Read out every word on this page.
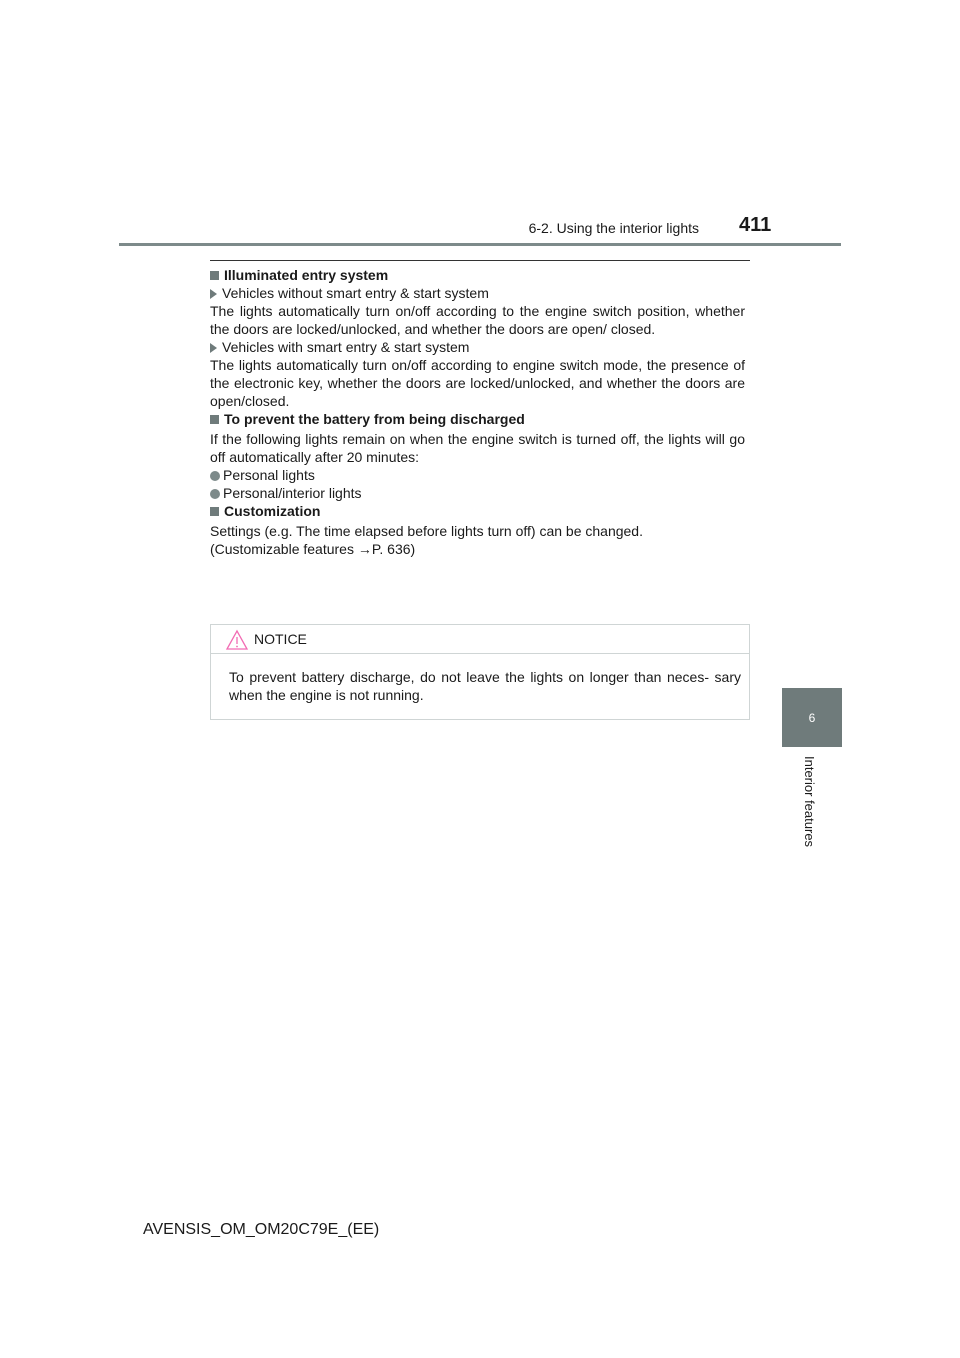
6-2. Using the interior lights 411
6
Interior features

Illuminated entry system

Vehicles without smart entry & start system

The lights automatically turn on/off according to the engine switch position, whether the doors are locked/unlocked, and whether the doors are open/ closed.

Vehicles with smart entry & start system

The lights automatically turn on/off according to engine switch mode, the presence of the electronic key, whether the doors are locked/unlocked, and whether the doors are open/closed.

To prevent the battery from being discharged

If the following lights remain on when the engine switch is turned off, the lights will go off automatically after 20 minutes:

Personal lights

Personal/interior lights

Customization

Settings (e.g. The time elapsed before lights turn off) can be changed.

(Customizable features →P. 636)

NOTICE
To prevent battery discharge, do not leave the lights on longer than neces- sary when the engine is not running.
AVENSIS_OM_OM20C79E_(EE)
